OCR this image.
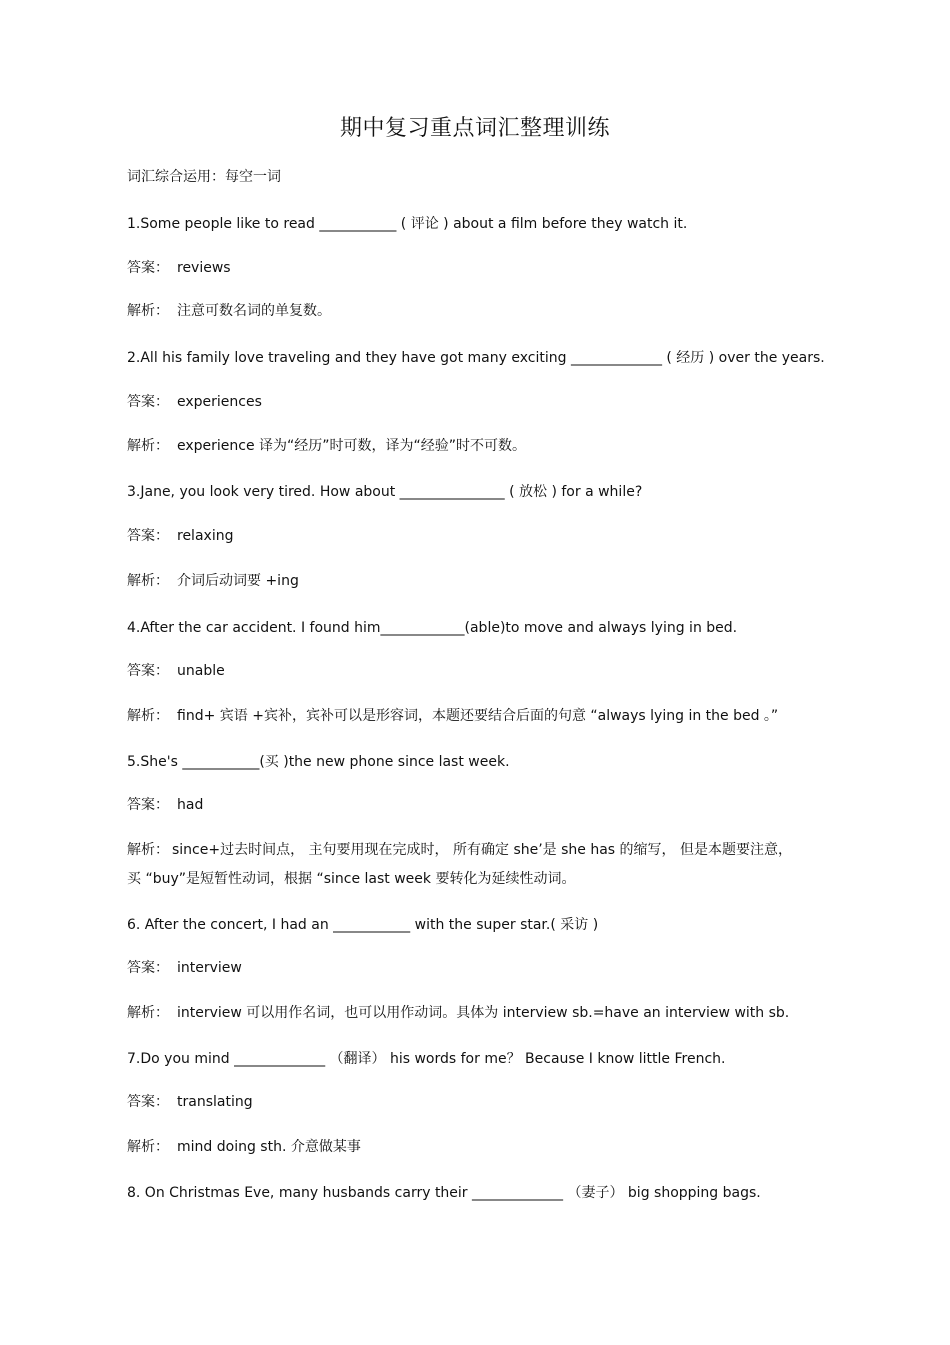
期中复习重点词汇整理训练
词汇综合运用：每空一词
1.Some people like to read ___________ ( 评论 ) about a film before they watch it.
答案： reviews
解析： 注意可数名词的单复数。
2.All his family love traveling and they have got many exciting _____________ ( 经历 ) over the years.
答案： experiences
解析： experience 译为“经历”时可数，译为“经验”时不可数。
3.Jane, you look very tired. How about _______________ ( 放松 ) for a while?
答案： relaxing
解析： 介词后动词要 +ing
4.After the car accident. I found him____________(able)to move and always lying in bed.
答案： unable
解析： find+ 宾语 +宾补，宾补可以是形容词，本题还要结合后面的句意 “always lying in the bed 。”
5.She's ___________(买 )the new phone since last week.
答案： had
解析： since+过去时间点， 主句要用现在完成时， 所有确定 she’是 she has 的缩写， 但是本题要注意，
买 “buy”是短暂性动词，根据 “since last week 要转化为延续性动词。
6. After the concert, I had an ___________ with the super star.( 采访 )
答案： interview
解析： interview 可以用作名词，也可以用作动词。具体为 interview sb.=have an interview with sb.
7.Do you mind _____________ （翻译） his words for me？ Because I know little French.
答案： translating
解析： mind doing sth. 介意做某事
8. On Christmas Eve, many husbands carry their _____________ （妻子） big shopping bags.
